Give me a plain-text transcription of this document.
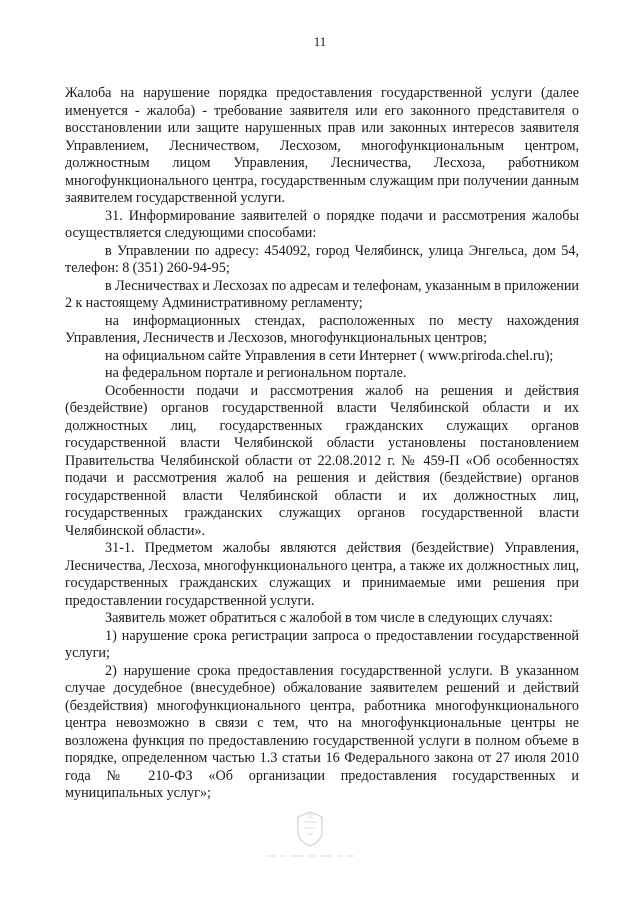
11

Жалоба на нарушение порядка предоставления государственной услуги (далее именуется - жалоба) - требование заявителя или его законного представителя о восстановлении или защите нарушенных прав или законных интересов заявителя Управлением, Лесничеством, Лесхозом, многофункциональным центром, должностным лицом Управления, Лесничества, Лесхоза, работником многофункционального центра, государственным служащим при получении данным заявителем государственной услуги.

31. Информирование заявителей о порядке подачи и рассмотрения жалобы осуществляется следующими способами:

в Управлении по адресу: 454092, город Челябинск, улица Энгельса, дом 54, телефон: 8 (351) 260-94-95;

в Лесничествах и Лесхозах по адресам и телефонам, указанным в приложении 2 к настоящему Административному регламенту;

на информационных стендах, расположенных по месту нахождения Управления, Лесничеств и Лесхозов, многофункциональных центров;

на официальном сайте Управления в сети Интернет ( www.priroda.chel.ru);

на федеральном портале и региональном портале.

Особенности подачи и рассмотрения жалоб на решения и действия (бездействие) органов государственной власти Челябинской области и их должностных лиц, государственных гражданских служащих органов государственной власти Челябинской области установлены постановлением Правительства Челябинской области от 22.08.2012 г. № 459-П «Об особенностях подачи и рассмотрения жалоб на решения и действия (бездействие) органов государственной власти Челябинской области и их должностных лиц, государственных гражданских служащих органов государственной власти Челябинской области».

31-1. Предметом жалобы являются действия (бездействие) Управления, Лесничества, Лесхоза, многофункционального центра, а также их должностных лиц, государственных гражданских служащих и принимаемые ими решения при предоставлении государственной услуги.

Заявитель может обратиться с жалобой в том числе в следующих случаях:

1) нарушение срока регистрации запроса о предоставлении государственной услуги;

2) нарушение срока предоставления государственной услуги. В указанном случае досудебное (внесудебное) обжалование заявителем решений и действий (бездействия) многофункционального центра, работника многофункционального центра невозможно в связи с тем, что на многофункциональные центры не возложена функция по предоставлению государственной услуги в полном объеме в порядке, определенном частью 1.3 статьи 16 Федерального закона от 27 июля 2010 года № 210-ФЗ «Об организации предоставления государственных и муниципальных услуг»;
